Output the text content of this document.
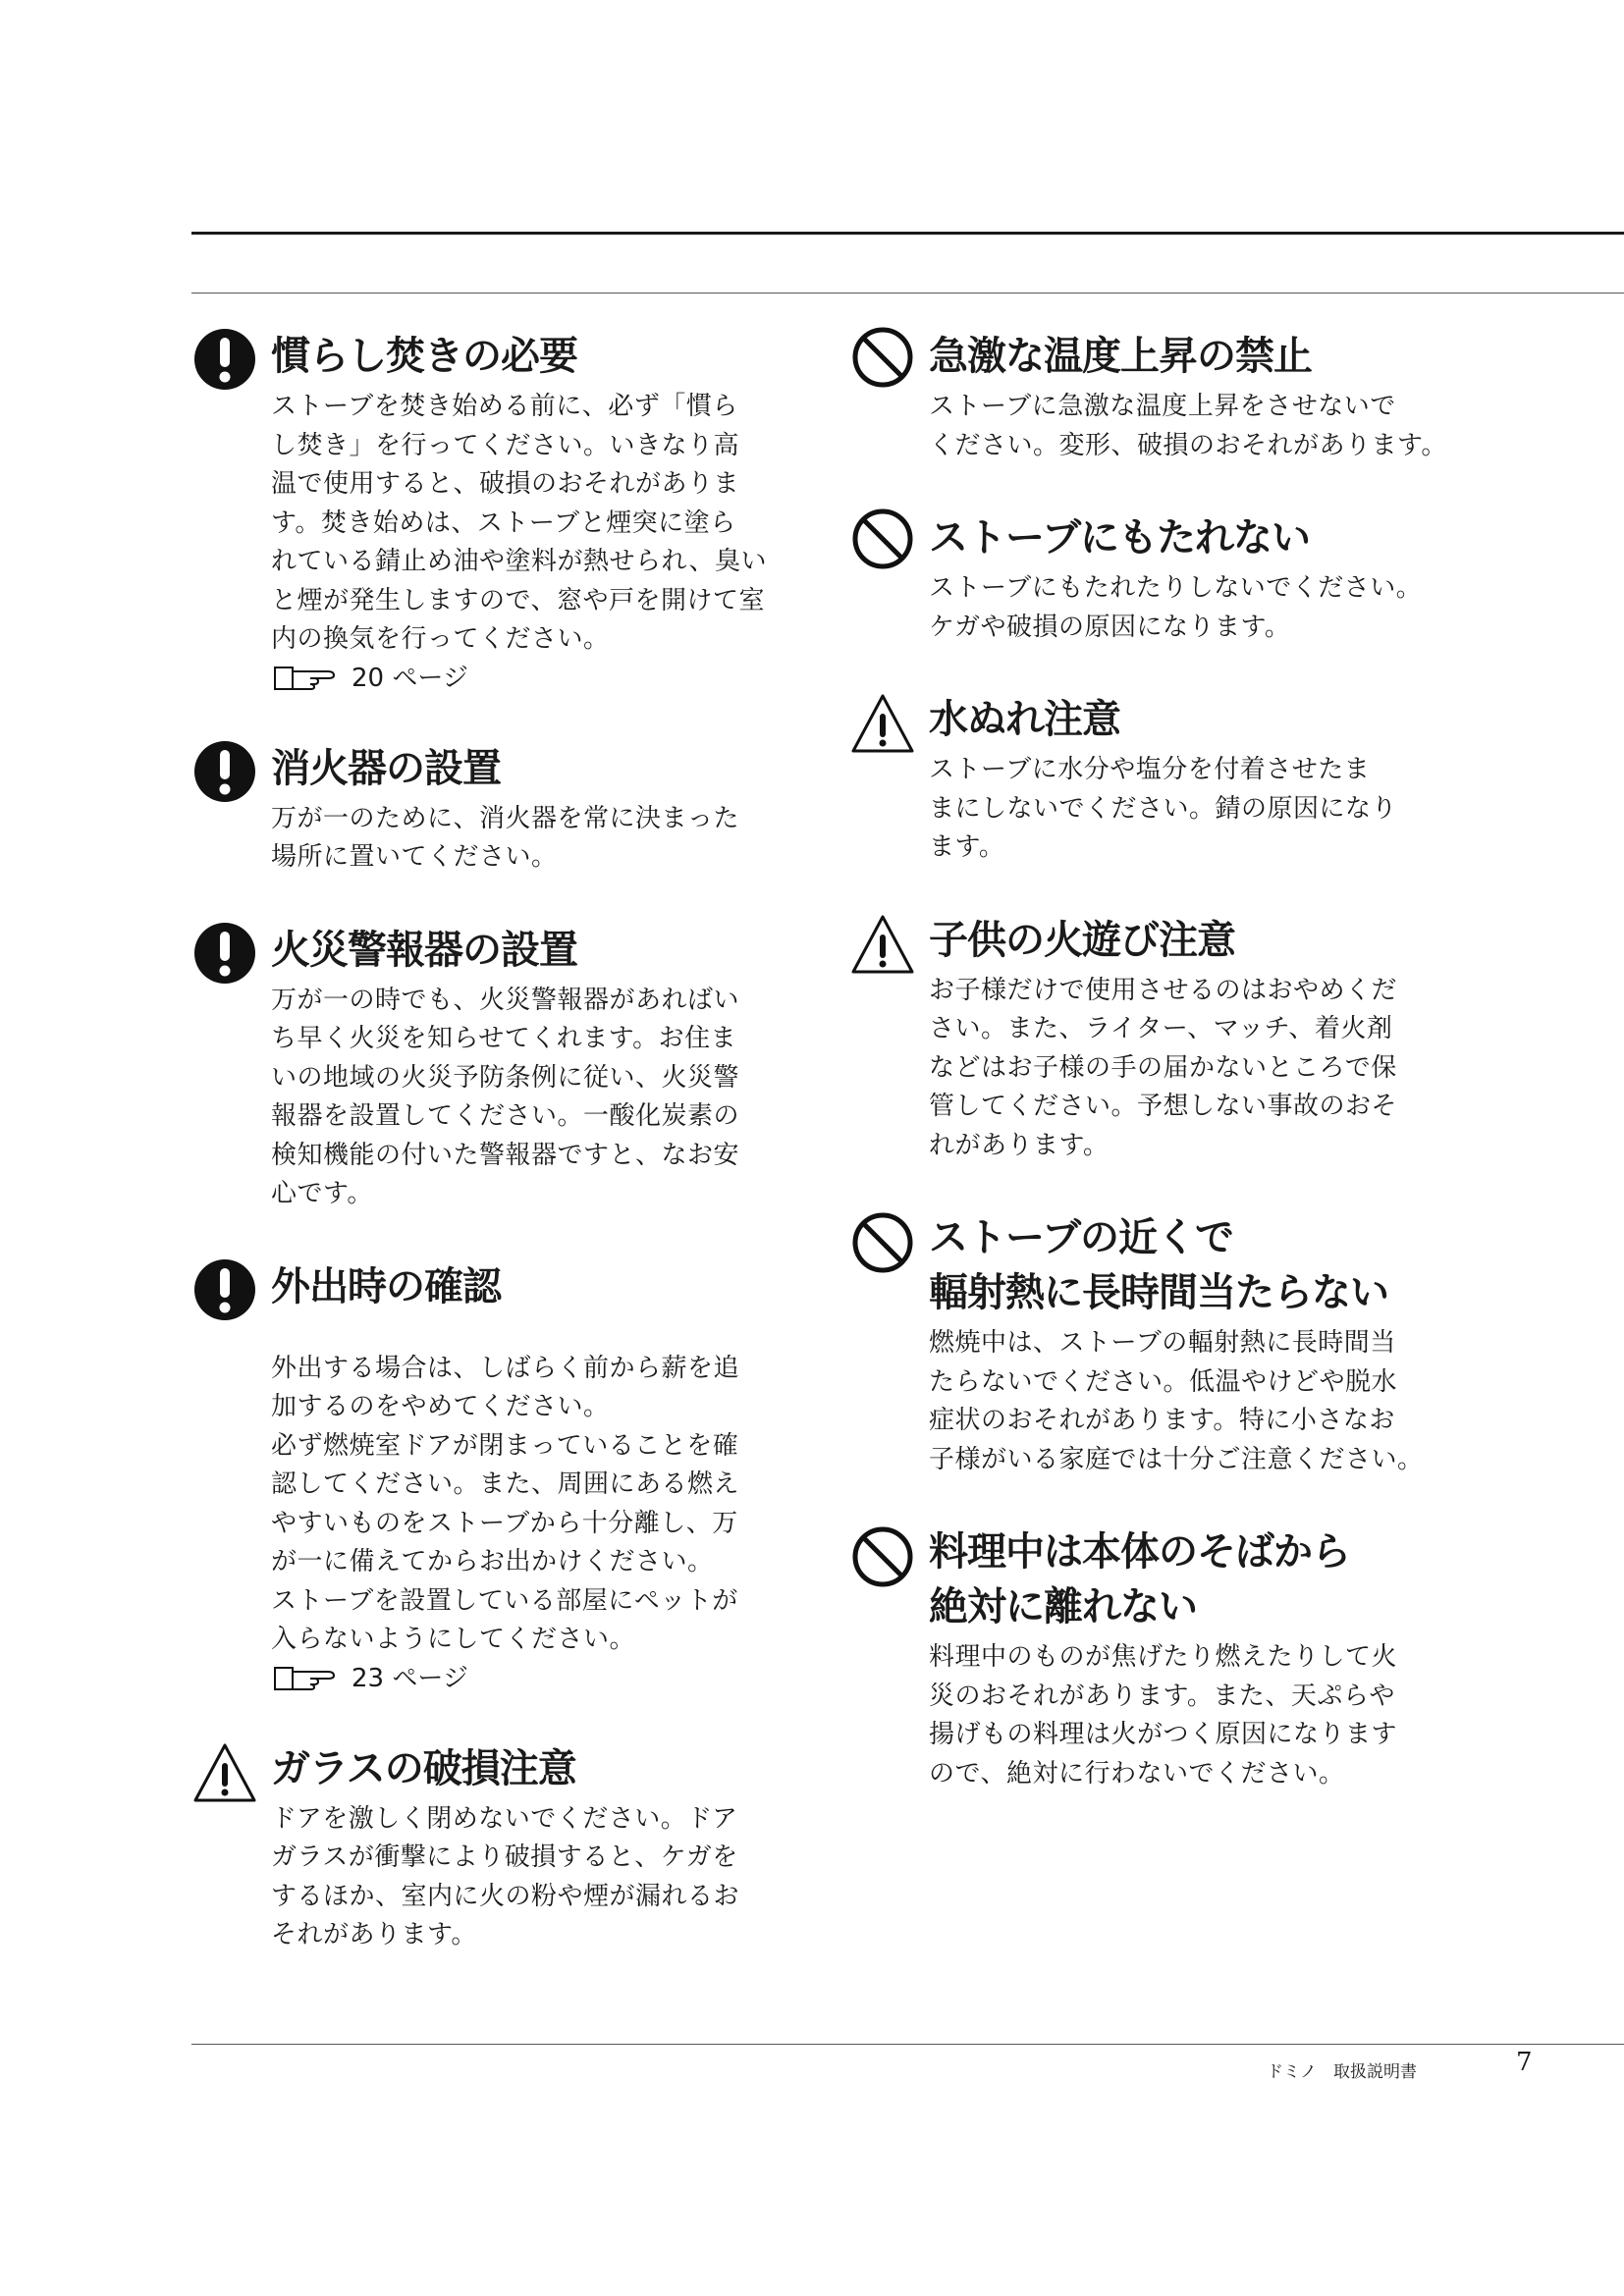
慣らし焚きの必要

ストーブを焚き始める前に、必ず「慣ら
し焚き」を行ってください。いきなり高
温で使用すると、破損のおそれがありま
す。焚き始めは、ストーブと煙突に塗ら
れている錆止め油や塗料が熱せられ、臭い
と煙が発生しますので、窓や戸を開けて室
内の換気を行ってください。

20 ページ

消火器の設置

万が一のために、消火器を常に決まった
場所に置いてください。

火災警報器の設置

万が一の時でも、火災警報器があればい
ち早く火災を知らせてくれます。お住ま
いの地域の火災予防条例に従い、火災警
報器を設置してください。一酸化炭素の
検知機能の付いた警報器ですと、なお安
心です。

外出時の確認

外出する場合は、しばらく前から薪を追
加するのをやめてください。
必ず燃焼室ドアが閉まっていることを確
認してください。また、周囲にある燃え
やすいものをストーブから十分離し、万
が一に備えてからお出かけください。
ストーブを設置している部屋にペットが
入らないようにしてください。

23 ページ

ガラスの破損注意

ドアを激しく閉めないでください。ドア
ガラスが衝撃により破損すると、ケガを
するほか、室内に火の粉や煙が漏れるお
それがあります。

急激な温度上昇の禁止

ストーブに急激な温度上昇をさせないで
ください。変形、破損のおそれがあります。

ストーブにもたれない

ストーブにもたれたりしないでください。
ケガや破損の原因になります。

水ぬれ注意

ストーブに水分や塩分を付着させたま
まにしないでください。錆の原因になり
ます。

子供の火遊び注意

お子様だけで使用させるのはおやめくだ
さい。また、ライター、マッチ、着火剤
などはお子様の手の届かないところで保
管してください。予想しない事故のおそ
れがあります。

ストーブの近くで
輻射熱に長時間当たらない

燃焼中は、ストーブの輻射熱に長時間当
たらないでください。低温やけどや脱水
症状のおそれがあります。特に小さなお
子様がいる家庭では十分ご注意ください。

料理中は本体のそばから
絶対に離れない

料理中のものが焦げたり燃えたりして火
災のおそれがあります。また、天ぷらや
揚げもの料理は火がつく原因になります
ので、絶対に行わないでください。

ドミノ　取扱説明書	7
